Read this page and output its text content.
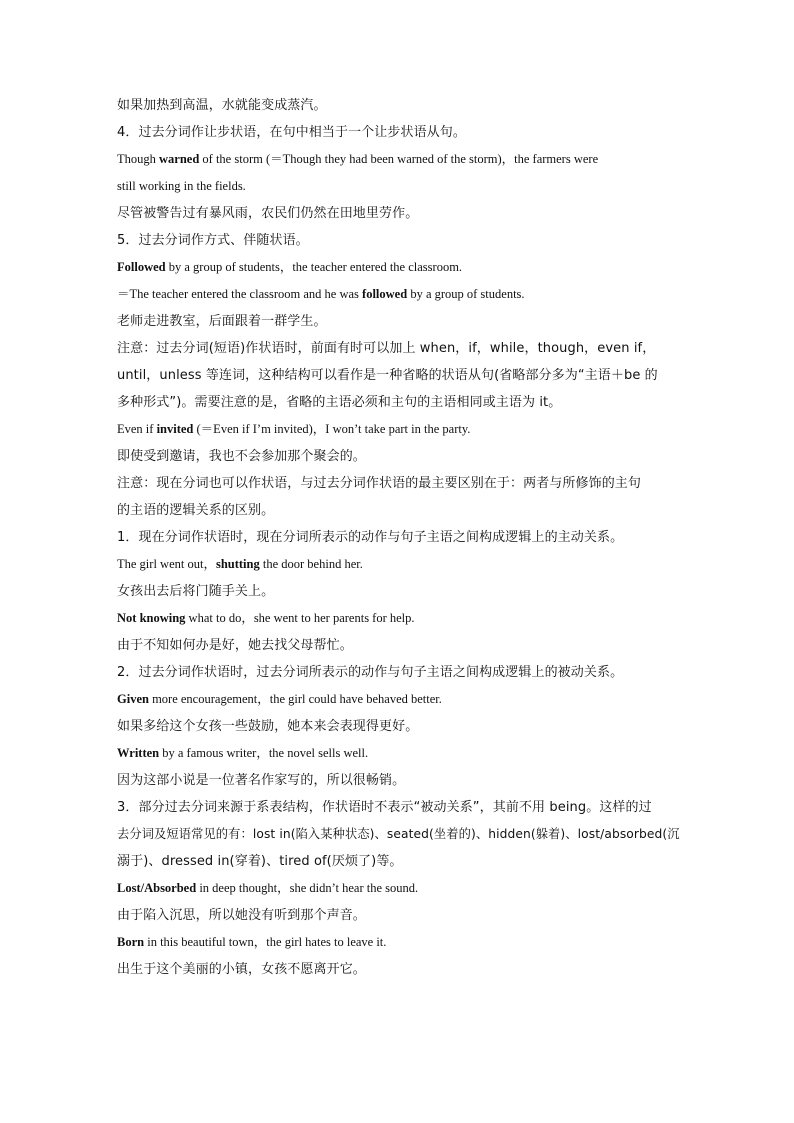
如果加热到高温，水就能变成蒸汽。

4．过去分词作让步状语，在句中相当于一个让步状语从句。

Though warned of the storm (＝Though they had been warned of the storm)，the farmers were

still working in the fields.

尽管被警告过有暴风雨，农民们仍然在田地里劳作。

5．过去分词作方式、伴随状语。

Followed by a group of students，the teacher entered the classroom.

＝The teacher entered the classroom and he was followed by a group of students.

老师走进教室，后面跟着一群学生。

注意：过去分词(短语)作状语时，前面有时可以加上 when，if，while，though，even if，

until，unless 等连词，这种结构可以看作是一种省略的状语从句(省略部分多为“主语＋be 的

多种形式”)。需要注意的是，省略的主语必须和主句的主语相同或主语为 it。

Even if invited (＝Even if I’m invited)，I won’t take part in the party.

即使受到邀请，我也不会参加那个聚会的。

注意：现在分词也可以作状语，与过去分词作状语的最主要区别在于：两者与所修饰的主句

的主语的逻辑关系的区别。

1．现在分词作状语时，现在分词所表示的动作与句子主语之间构成逻辑上的主动关系。

The girl went out，shutting the door behind her.

女孩出去后将门随手关上。

Not knowing what to do，she went to her parents for help.

由于不知如何办是好，她去找父母帮忙。

2．过去分词作状语时，过去分词所表示的动作与句子主语之间构成逻辑上的被动关系。

Given more encouragement，the girl could have behaved better.

如果多给这个女孩一些鼓励，她本来会表现得更好。

Written by a famous writer，the novel sells well.

因为这部小说是一位著名作家写的，所以很畅销。

3．部分过去分词来源于系表结构，作状语时不表示“被动关系”，其前不用 being。这样的过

去分词及短语常见的有：lost in(陷入某种状态)、seated(坐着的)、hidden(躲着)、lost/absorbed(沉

溺于)、dressed in(穿着)、tired of(厌烦了)等。

Lost/Absorbed in deep thought，she didn’t hear the sound.

由于陷入沉思，所以她没有听到那个声音。

Born in this beautiful town，the girl hates to leave it.

出生于这个美丽的小镇，女孩不愿离开它。
